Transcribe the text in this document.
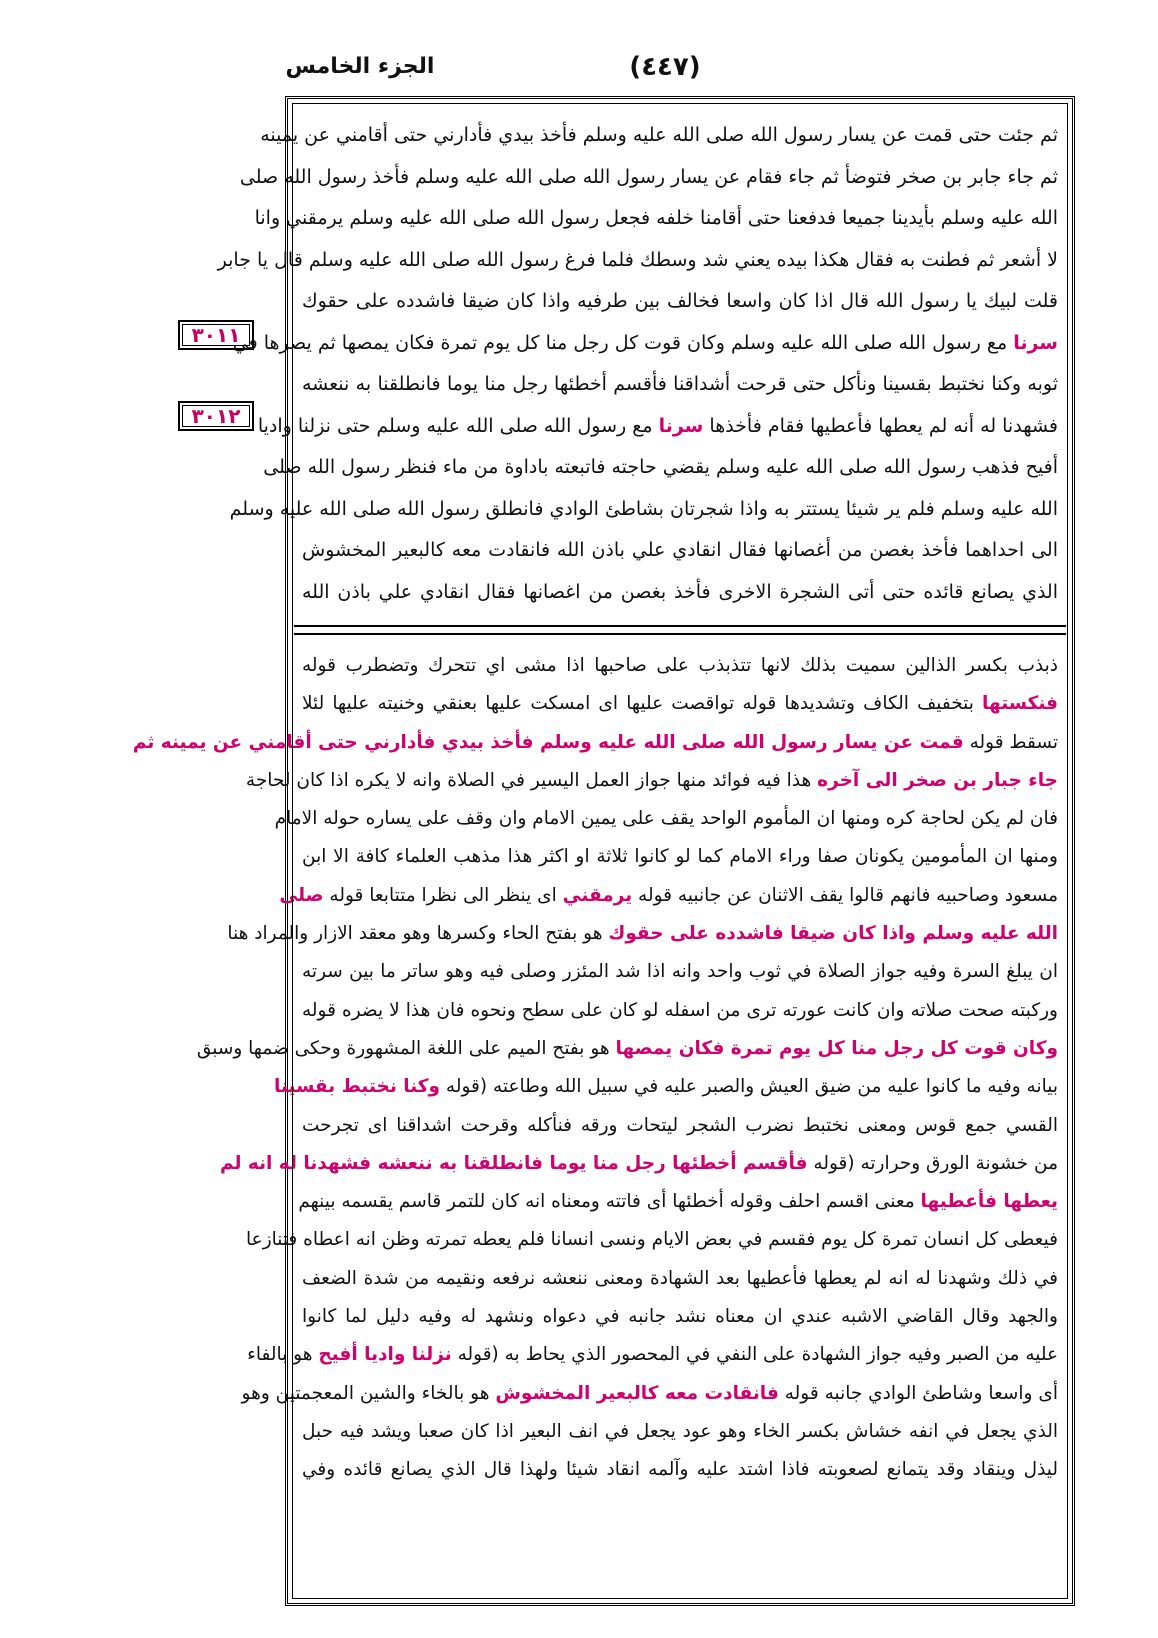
(٤٤٧)
الجزء الخامس
٣٠١١
٣٠١٢
ثم جئت حتى قمت عن يسار رسول الله صلى الله عليه وسلم فأخذ بيدي فأدارني حتى أقامني عن يمينه
ثم جاء جابر بن صخر فتوضأ ثم جاء فقام عن يسار رسول الله صلى الله عليه وسلم فأخذ رسول الله صلى
الله عليه وسلم بأيدينا جميعا فدفعنا حتى أقامنا خلفه فجعل رسول الله صلى الله عليه وسلم يرمقني وانا
لا أشعر ثم فطنت به فقال هكذا بيده يعني شد وسطك فلما فرغ رسول الله صلى الله عليه وسلم قال يا جابر
قلت لبيك يا رسول الله قال اذا كان واسعا فخالف بين طرفيه واذا كان ضيقا فاشدده على حقوك
سرنا مع رسول الله صلى الله عليه وسلم وكان قوت كل رجل منا كل يوم تمرة فكان يمصها ثم يصرها في
ثوبه وكنا نختبط بقسينا ونأكل حتى قرحت أشداقنا فأقسم أخطئها رجل منا يوما فانطلقنا به ننعشه
فشهدنا له أنه لم يعطها فأعطيها فقام فأخذها سرنا مع رسول الله صلى الله عليه وسلم حتى نزلنا واديا
أفيح فذهب رسول الله صلى الله عليه وسلم يقضي حاجته فاتبعته باداوة من ماء فنظر رسول الله صلى
الله عليه وسلم فلم ير شيئا يستتر به واذا شجرتان بشاطئ الوادي فانطلق رسول الله صلى الله عليه وسلم
الى احداهما فأخذ بغصن من أغصانها فقال انقادي علي باذن الله فانقادت معه كالبعير المخشوش
الذي يصانع قائده حتى أتى الشجرة الاخرى فأخذ بغصن من اغصانها فقال انقادي علي باذن الله
ذبذب بكسر الذالين سميت بذلك لانها تتذبذب على صاحبها اذا مشى اي تتحرك وتضطرب قوله
فنكستها بتخفيف الكاف وتشديدها قوله تواقصت عليها اى امسكت عليها بعنقي وخنيته عليها لئلا
تسقط قوله قمت عن يسار رسول الله صلى الله عليه وسلم فأخذ بيدي فأدارني حتى أقامني عن يمينه ثم
جاء جبار بن صخر الى آخره هذا فيه فوائد منها جواز العمل اليسير في الصلاة وانه لا يكره اذا كان لحاجة
فان لم يكن لحاجة كره ومنها ان المأموم الواحد يقف على يمين الامام وان وقف على يساره حوله الامام
ومنها ان المأمومين يكونان صفا وراء الامام كما لو كانوا ثلاثة او اكثر هذا مذهب العلماء كافة الا ابن
مسعود وصاحبيه فانهم قالوا يقف الاثنان عن جانبيه قوله يرمقني اى ينظر الى نظرا متتابعا قوله صلى
الله عليه وسلم واذا كان ضيقا فاشدده على حقوك هو بفتح الحاء وكسرها وهو معقد الازار والمراد هنا
ان يبلغ السرة وفيه جواز الصلاة في ثوب واحد وانه اذا شد المئزر وصلى فيه وهو ساتر ما بين سرته
وركبته صحت صلاته وان كانت عورته ترى من اسفله لو كان على سطح ونحوه فان هذا لا يضره قوله
وكان قوت كل رجل منا كل يوم تمرة فكان يمصها هو بفتح الميم على اللغة المشهورة وحكى ضمها وسبق
بيانه وفيه ما كانوا عليه من ضيق العيش والصبر عليه في سبيل الله وطاعته (قوله وكنا نختبط بقسينا
القسي جمع قوس ومعنى نختبط نضرب الشجر ليتحات ورقه فنأكله وقرحت اشداقنا اى تجرحت
من خشونة الورق وحرارته (قوله فأقسم أخطئها رجل منا يوما فانطلقنا به ننعشه فشهدنا له انه لم
يعطها فأعطيها معنى اقسم احلف وقوله أخطئها أى فاتته ومعناه انه كان للتمر قاسم يقسمه بينهم
فيعطى كل انسان تمرة كل يوم فقسم في بعض الايام ونسى انسانا فلم يعطه تمرته وظن انه اعطاه فتنازعا
في ذلك وشهدنا له انه لم يعطها فأعطيها بعد الشهادة ومعنى ننعشه نرفعه ونقيمه من شدة الضعف
والجهد وقال القاضي الاشبه عندي ان معناه نشد جانبه في دعواه ونشهد له وفيه دليل لما كانوا
عليه من الصبر وفيه جواز الشهادة على النفي في المحصور الذي يحاط به (قوله نزلنا واديا أفيح هو بالفاء
أى واسعا وشاطئ الوادي جانبه قوله فانقادت معه كالبعير المخشوش هو بالخاء والشين المعجمتين وهو
الذي يجعل في انفه خشاش بكسر الخاء وهو عود يجعل في انف البعير اذا كان صعبا ويشد فيه حبل
ليذل وينقاد وقد يتمانع لصعوبته فاذا اشتد عليه وآلمه انقاد شيئا ولهذا قال الذي يصانع قائده وفي
